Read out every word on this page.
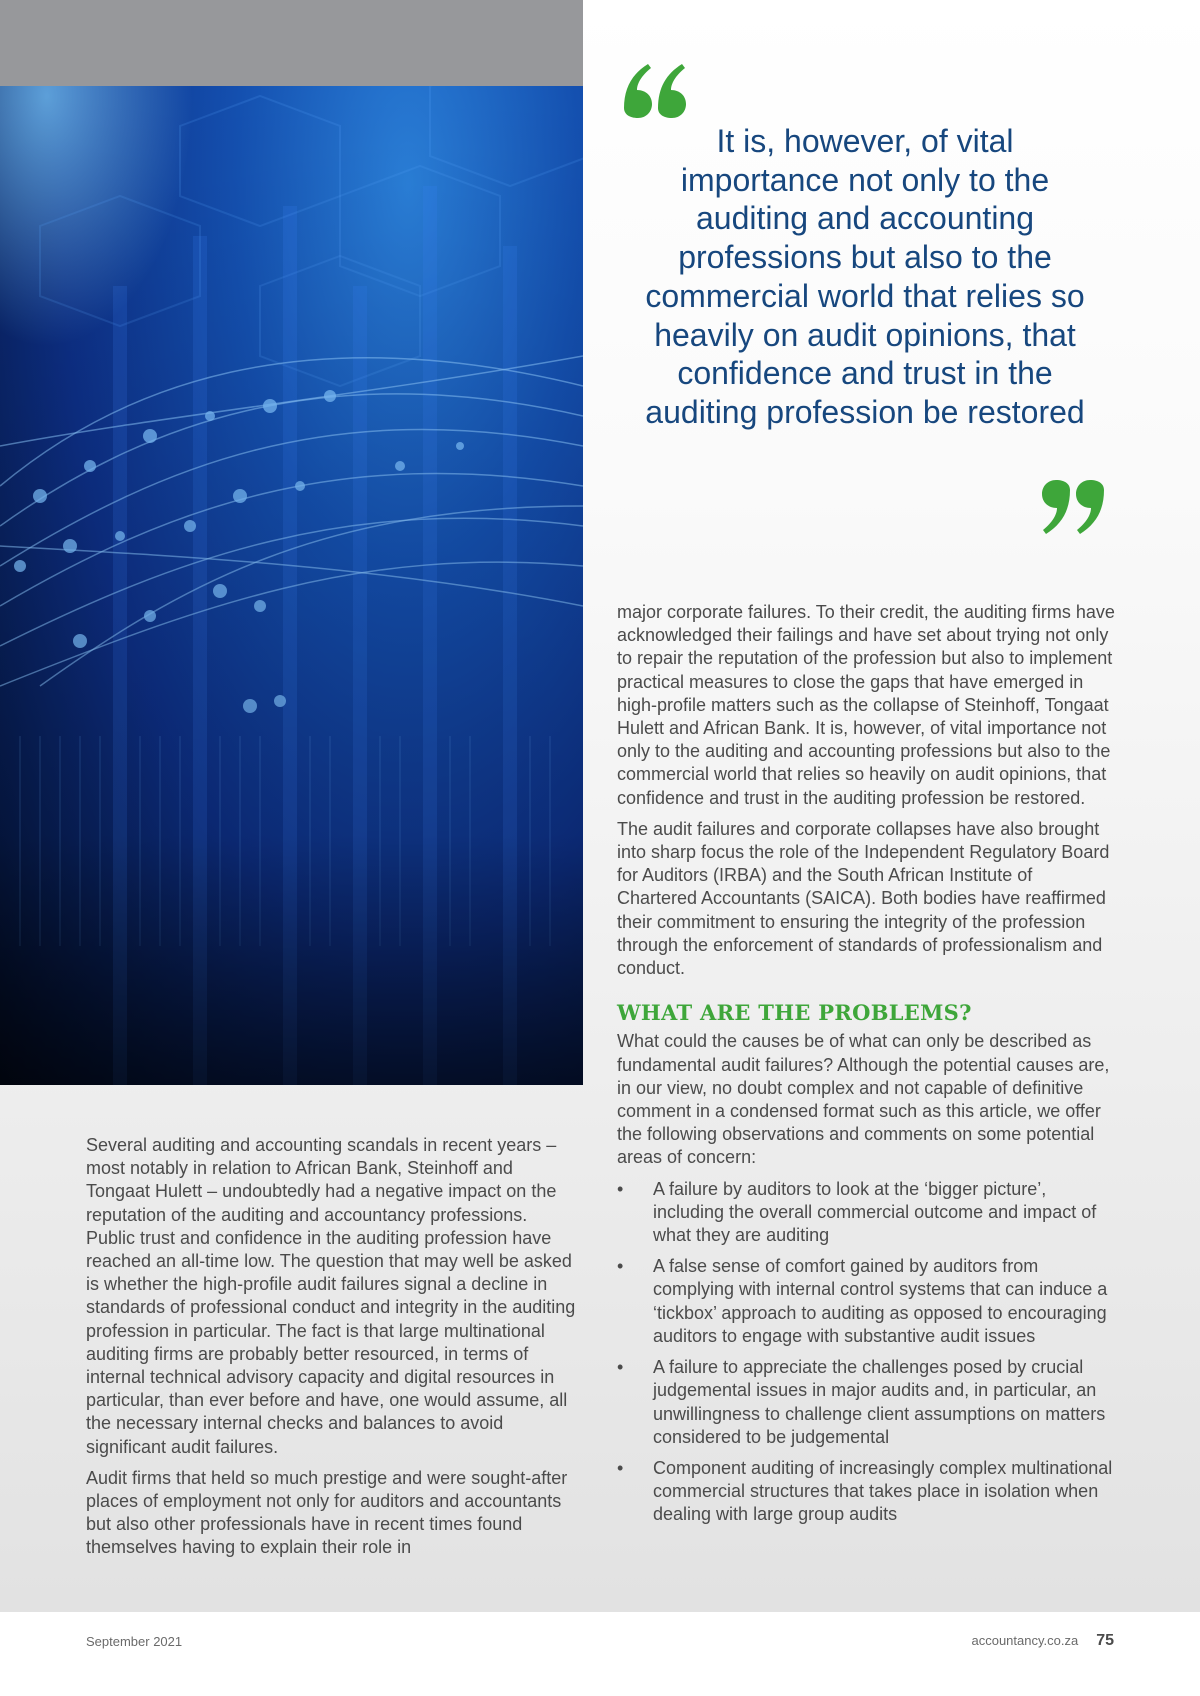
It is, however, of vital importance not only to the auditing and accounting professions but also to the commercial world that relies so heavily on audit opinions, that confidence and trust in the auditing profession be restored

Several auditing and accounting scandals in recent years – most notably in relation to African Bank, Steinhoff and Tongaat Hulett – undoubtedly had a negative impact on the reputation of the auditing and accountancy professions. Public trust and confidence in the auditing profession have reached an all-time low. The question that may well be asked is whether the high-profile audit failures signal a decline in standards of professional conduct and integrity in the auditing profession in particular. The fact is that large multinational auditing firms are probably better resourced, in terms of internal technical advisory capacity and digital resources in particular, than ever before and have, one would assume, all the necessary internal checks and balances to avoid significant audit failures.

Audit firms that held so much prestige and were sought-after places of employment not only for auditors and accountants but also other professionals have in recent times found themselves having to explain their role in

major corporate failures. To their credit, the auditing firms have acknowledged their failings and have set about trying not only to repair the reputation of the profession but also to implement practical measures to close the gaps that have emerged in high-profile matters such as the collapse of Steinhoff, Tongaat Hulett and African Bank. It is, however, of vital importance not only to the auditing and accounting professions but also to the commercial world that relies so heavily on audit opinions, that confidence and trust in the auditing profession be restored.

The audit failures and corporate collapses have also brought into sharp focus the role of the Independent Regulatory Board for Auditors (IRBA) and the South African Institute of Chartered Accountants (SAICA). Both bodies have reaffirmed their commitment to ensuring the integrity of the profession through the enforcement of standards of professionalism and conduct.

WHAT ARE THE PROBLEMS?

What could the causes be of what can only be described as fundamental audit failures? Although the potential causes are, in our view, no doubt complex and not capable of definitive comment in a condensed format such as this article, we offer the following observations and comments on some potential areas of concern:

• A failure by auditors to look at the ‘bigger picture’, including the overall commercial outcome and impact of what they are auditing
• A false sense of comfort gained by auditors from complying with internal control systems that can induce a ‘tickbox’ approach to auditing as opposed to encouraging auditors to engage with substantive audit issues
• A failure to appreciate the challenges posed by crucial judgemental issues in major audits and, in particular, an unwillingness to challenge client assumptions on matters considered to be judgemental
• Component auditing of increasingly complex multinational commercial structures that takes place in isolation when dealing with large group audits
September 2021	accountancy.co.za 75
